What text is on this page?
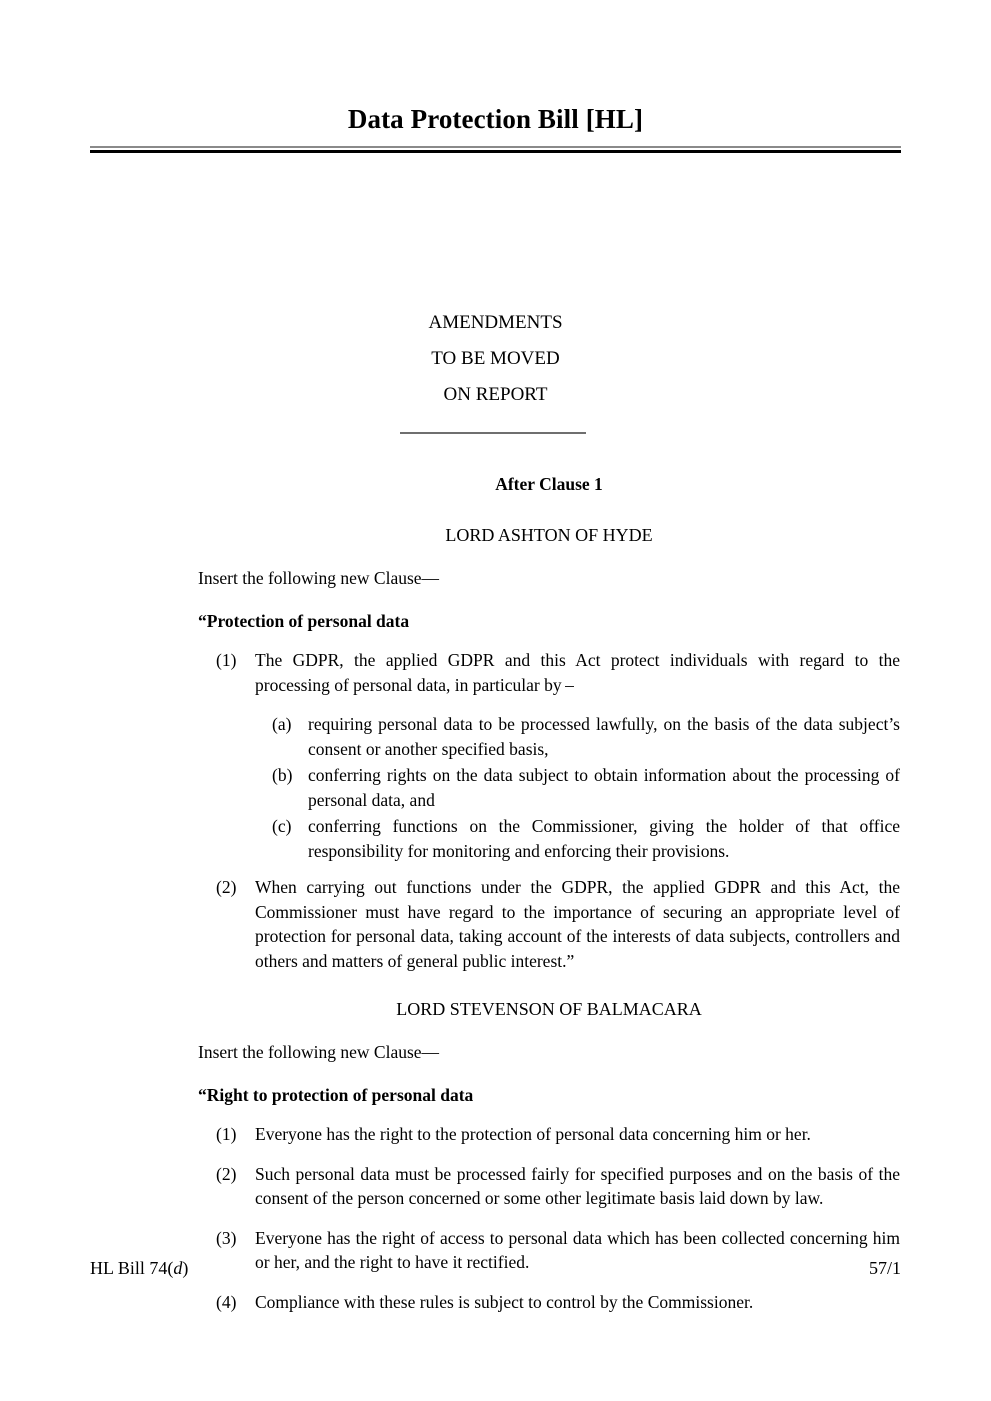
Data Protection Bill [HL]
AMENDMENTS
TO BE MOVED
ON REPORT
After Clause 1
LORD ASHTON OF HYDE
Insert the following new Clause—
“Protection of personal data
(1)	The GDPR, the applied GDPR and this Act protect individuals with regard to the processing of personal data, in particular by –
(a) requiring personal data to be processed lawfully, on the basis of the data subject’s consent or another specified basis,
(b) conferring rights on the data subject to obtain information about the processing of personal data, and
(c) conferring functions on the Commissioner, giving the holder of that office responsibility for monitoring and enforcing their provisions.
(2)	When carrying out functions under the GDPR, the applied GDPR and this Act, the Commissioner must have regard to the importance of securing an appropriate level of protection for personal data, taking account of the interests of data subjects, controllers and others and matters of general public interest.”
LORD STEVENSON OF BALMACARA
Insert the following new Clause—
“Right to protection of personal data
(1)	Everyone has the right to the protection of personal data concerning him or her.
(2)	Such personal data must be processed fairly for specified purposes and on the basis of the consent of the person concerned or some other legitimate basis laid down by law.
(3)	Everyone has the right of access to personal data which has been collected concerning him or her, and the right to have it rectified.
(4)	Compliance with these rules is subject to control by the Commissioner.
HL Bill 74(d)	57/1
